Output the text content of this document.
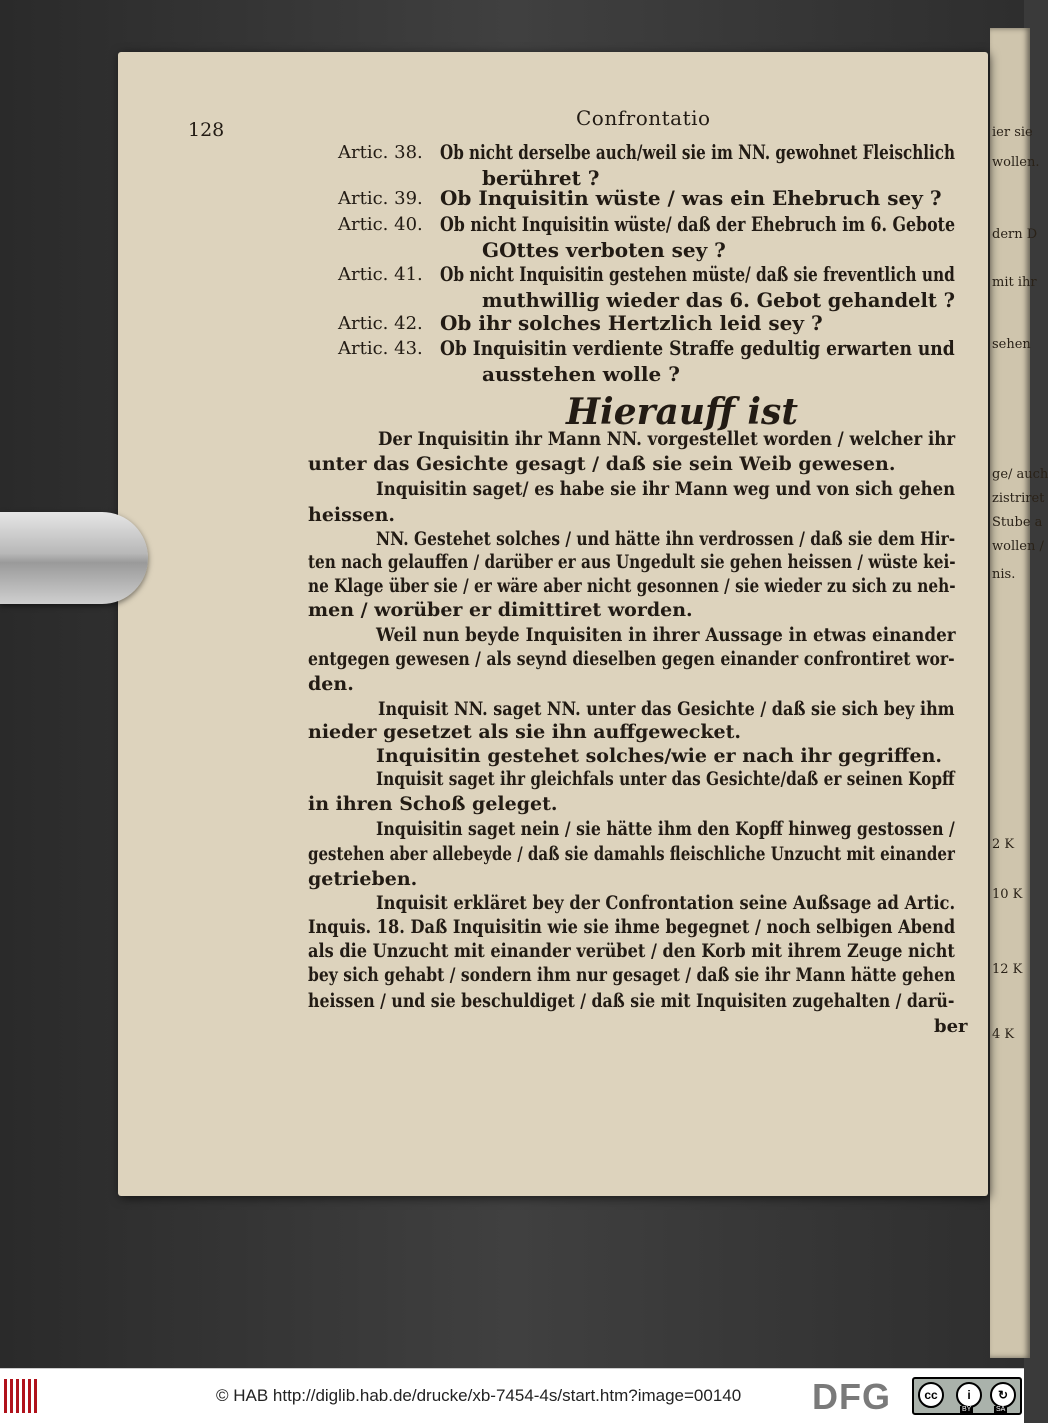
ier sie
wollen.
dern D
mit ihr
sehen
ge/ auch
zistriret
Stube a
wollen /
nis.
2 K
10 K
12 K
4 K
128	Confrontatio
Artic. 38. Ob nicht derselbe auch/weil sie im NN. gewohnet Fleischlich
berühret ?
Artic. 39. Ob Inquisitin wüste / was ein Ehebruch sey ?
Artic. 40. Ob nicht Inquisitin wüste/ daß der Ehebruch im 6. Gebote
GOttes verboten sey ?
Artic. 41. Ob nicht Inquisitin gestehen müste/ daß sie freventlich und
muthwillig wieder das 6. Gebot gehandelt ?
Artic. 42. Ob ihr solches Hertzlich leid sey ?
Artic. 43. Ob Inquisitin verdiente Straffe gedultig erwarten und
ausstehen wolle ?
Hierauff ist
Der Inquisitin ihr Mann NN. vorgestellet worden / welcher ihr
unter das Gesichte gesagt / daß sie sein Weib gewesen.
Inquisitin saget/ es habe sie ihr Mann weg und von sich gehen
heissen.
NN. Gestehet solches / und hätte ihn verdrossen / daß sie dem Hir-
ten nach gelauffen / darüber er aus Ungedult sie gehen heissen / wüste kei-
ne Klage über sie / er wäre aber nicht gesonnen / sie wieder zu sich zu neh-
men / worüber er dimittiret worden.
Weil nun beyde Inquisiten in ihrer Aussage in etwas einander
entgegen gewesen / als seynd dieselben gegen einander confrontiret wor-
den.
Inquisit NN. saget NN. unter das Gesichte / daß sie sich bey ihm
nieder gesetzet als sie ihn auffgewecket.
Inquisitin gestehet solches/wie er nach ihr gegriffen.
Inquisit saget ihr gleichfals unter das Gesichte/daß er seinen Kopff
in ihren Schoß geleget.
Inquisitin saget nein / sie hätte ihm den Kopff hinweg gestossen /
gestehen aber allebeyde / daß sie damahls fleischliche Unzucht mit einander
getrieben.
Inquisit erkläret bey der Confrontation seine Außsage ad Artic.
Inquis. 18. Daß Inquisitin wie sie ihme begegnet / noch selbigen Abend
als die Unzucht mit einander verübet / den Korb mit ihrem Zeuge nicht
bey sich gehabt / sondern ihm nur gesaget / daß sie ihr Mann hätte gehen
heissen / und sie beschuldiget / daß sie mit Inquisiten zugehalten / darü-
ber
© HAB http://diglib.hab.de/drucke/xb-7454-4s/start.htm?image=00140 DFG	cc	i	↻
BY	SA
